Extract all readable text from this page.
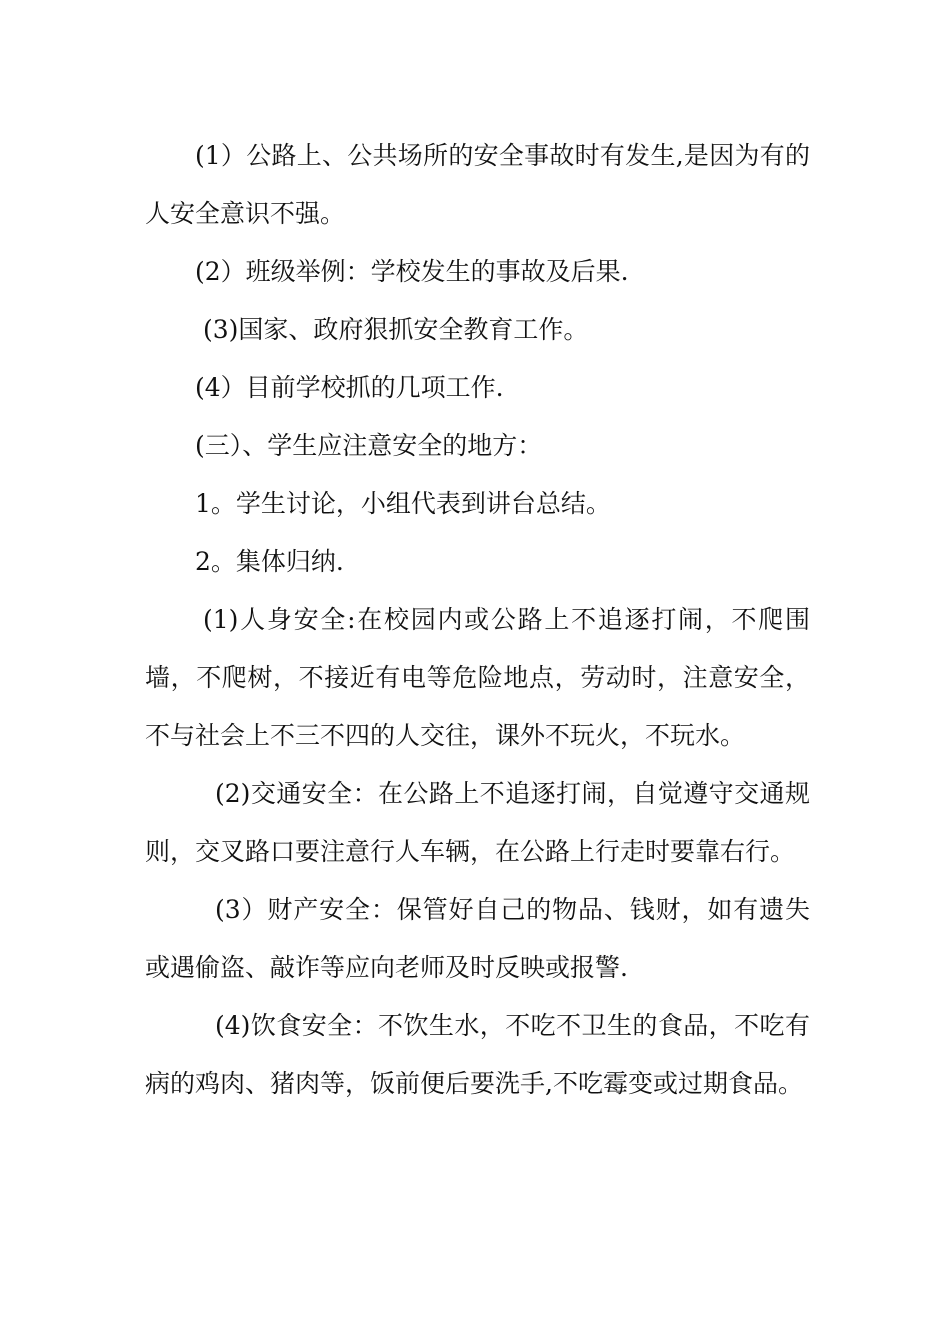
(1）公路上、公共场所的安全事故时有发生,是因为有的人安全意识不强。

(2）班级举例：学校发生的事故及后果.

(3)国家、政府狠抓安全教育工作。

(4）目前学校抓的几项工作.

(三）、学生应注意安全的地方：

1。学生讨论，小组代表到讲台总结。

2。集体归纳.

(1)人身安全:在校园内或公路上不追逐打闹，不爬围墙，不爬树，不接近有电等危险地点，劳动时，注意安全，不与社会上不三不四的人交往，课外不玩火，不玩水。

(2)交通安全：在公路上不追逐打闹，自觉遵守交通规则，交叉路口要注意行人车辆，在公路上行走时要靠右行。

(3）财产安全：保管好自己的物品、钱财，如有遗失或遇偷盗、敲诈等应向老师及时反映或报警.

(4)饮食安全：不饮生水，不吃不卫生的食品，不吃有病的鸡肉、猪肉等，饭前便后要洗手,不吃霉变或过期食品。
